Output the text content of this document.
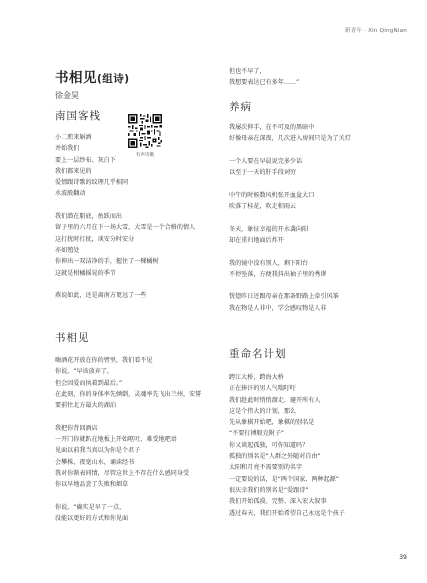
新青年 · Xin QingNian
书相见(组诗)
徐金昊
有声诗歌
南国客栈
小二煎来斛酒
并始我们
要上一层纱布、灰白下
我们都来见的
爱情跟诗歌的纹理几乎相同
水波般翻动
我们潜在船底，鱼跃而出
留子里的六月在下一场大雪，大雪是一个合格的情人
这打扰时打扰，谈安分时安分
亦如殖处
你伸出一双洁净的手，握住了一棵橘树
这就是柑橘摇晃的季节
燕说如此，还是离南方更远了一些
书相见
嗨酒花开放在你的臂里，我们看不见
你说，“早该放弃了，
但会因爱而执着到最后。”
在此刻，你的身体率先倾倒，灵魂率先飞出兰州，安誓
要前往北方最大的湖泊
我把你背回酒店
一开门你就趴在地板上开始呕吐，难受地吧语
见面以前我当真以为你是个君子
会攀株，夜宽山水，诵读经书
我对你渐表同情，尽管这世上不存在什么感同身受
你以早地品尝了失败和烟草
你说，“确实是早了一点，
没能以更好的方式和你见面
但也不早了，
我想要表达已有多年……”
养病
我屡次伸手，在不可及的黑暗中
好像母亲在深夜，几次进入房间只是为了关灯
一个人要在早晨说完多少话
以至于一天的肝手段词穷
中午的时候数风机张开血盆大口
吹落了桂花，吹走积雨云
冬天，象征幸福的开水袭向阳
却在重归地面后炸开
我的镜中没有别人，剩下阳台
不停坠落，方便我抖出袖子里的秀谬
恍惚昨日还跟母亲在那条野路上牵引风筝
我在物是人非中，学会感叹物是人非
重命名计划
跨江大桥，跨海大桥
正在捧汗的男人气喘吁吁
我们趁此时悄悄溜走，避开所有人
这是个伟大的计划，那么
先从象棋开始吧，象棋的别名是
“不要打搏般克附子”
你又谈起孤独，可你知道吗？
孤独的别名是“人群之外随对自由”
太阳和月亮不需要别的名字
一定要说的话，是“两个国家，两种起源”
很庆幸我们的别名是“爱跟诗”
我们开始孤漠、完整、深入宏大叙事
透过春天，我们开始希望自己永远是个孩子
39
